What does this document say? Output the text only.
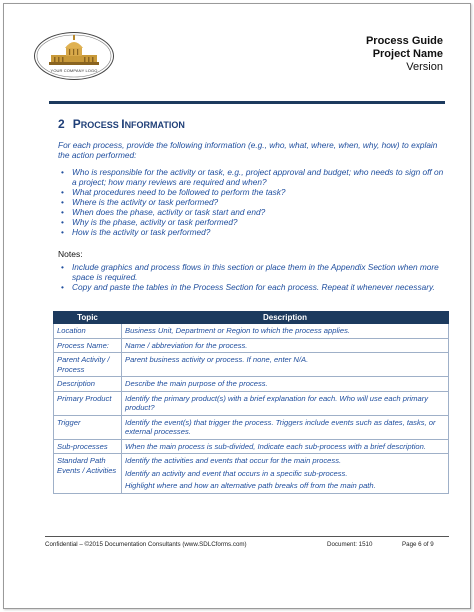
YOUR COMPANY LOGO
Process Guide
Project Name
Version
2 PROCESS INFORMATION
For each process, provide the following information (e.g., who, what, where, when, why, how) to explain the action performed:
• Who is responsible for the activity or task, e.g., project approval and budget; who needs to sign off on a project; how many reviews are required and when?
• What procedures need to be followed to perform the task?
• Where is the activity or task performed?
• When does the phase, activity or task start and end?
• Why is the phase, activity or task performed?
• How is the activity or task performed?
Notes:
• Include graphics and process flows in this section or place them in the Appendix Section when more space is required.
• Copy and paste the tables in the Process Section for each process. Repeat it whenever necessary.
Topic	Description
Location	Business Unit, Department or Region to which the process applies.
Process Name:	Name / abbreviation for the process.
Parent Activity / Process	Parent business activity or process. If none, enter N/A.
Description	Describe the main purpose of the process.
Primary Product	Identify the primary product(s) with a brief explanation for each. Who will use each primary product?
Trigger	Identify the event(s) that trigger the process. Triggers include events such as dates, tasks, or external processes.
Sub-processes	When the main process is sub-divided, Indicate each sub-process with a brief description.
Standard Path Events / Activities	Identify the activities and events that occur for the main process.
Identify an activity and event that occurs in a specific sub-process.
Highlight where and how an alternative path breaks off from the main path.
Confidential – ©2015 Documentation Consultants (www.SDLCforms.com)	Document: 1510	Page 6 of 9
